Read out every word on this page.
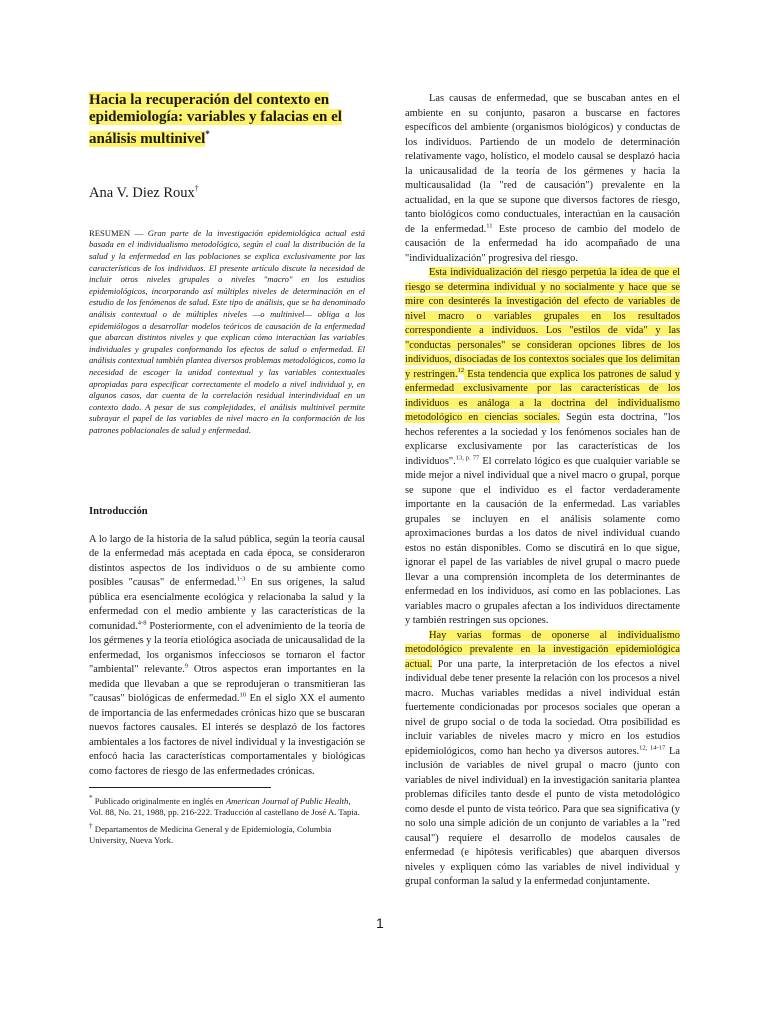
Hacia la recuperación del contexto en epidemiología: variables y falacias en el análisis multinivel*

Ana V. Diez Roux†

RESUMEN — Gran parte de la investigación epidemiológica actual está basada en el individualismo metodológico, según el cual la distribución de la salud y la enfermedad en las poblaciones se explica exclusivamente por las características de los individuos. El presente artículo discute la necesidad de incluir otros niveles grupales o niveles "macro" en los estudios epidemiológicos, incorporando así múltiples niveles de determinación en el estudio de los fenómenos de salud. Este tipo de análisis, que se ha denominado análisis contextual o de múltiples niveles —o multinivel— obliga a los epidemiólogos a desarrollar modelos teóricos de causación de la enfermedad que abarcan distintos niveles y que explican cómo interactúan las variables individuales y grupales conformando los efectos de salud o enfermedad. El análisis contextual también plantea diversos problemas metodológicos, como la necesidad de escoger la unidad contextual y las variables contextuales apropiadas para especificar correctamente el modelo a nivel individual y, en algunos casos, dar cuenta de la correlación residual interindividual en un contexto dado. A pesar de sus complejidades, el análisis multinivel permite subrayar el papel de las variables de nivel macro en la conformación de los patrones poblacionales de salud y enfermedad.

Introducción

A lo largo de la historia de la salud pública, según la teoría causal de la enfermedad más aceptada en cada época, se consideraron distintos aspectos de los individuos o de su ambiente como posibles "causas" de enfermedad.$^{1-3}$ En sus orígenes, la salud pública era esencialmente ecológica y relacionaba la salud y la enfermedad con el medio ambiente y las características de la comunidad.$^{4-8}$ Posteriormente, con el advenimiento de la teoría de los gérmenes y la teoría etiológica asociada de unicausalidad de la enfermedad, los organismos infecciosos se tornaron el factor "ambiental" relevante.$^9$ Otros aspectos eran importantes en la medida que llevaban a que se reprodujeran o transmitieran las "causas" biológicas de enfermedad.$^{10}$ En el siglo XX el aumento de importancia de las enfermedades crónicas hizo que se buscaran nuevos factores causales. El interés se desplazó de los factores ambientales a los factores de nivel individual y la investigación se enfocó hacia las características comportamentales y biológicas como factores de riesgo de las enfermedades crónicas.

* Publicado originalmente en inglés en American Journal of Public Health, Vol. 88, No. 21, 1988, pp. 216-222. Traducción al castellano de José A. Tapia.

† Departamentos de Medicina General y de Epidemiología, Columbia University, Nueva York.

Las causas de enfermedad, que se buscaban antes en el ambiente en su conjunto, pasaron a buscarse en factores específicos del ambiente (organismos biológicos) y conductas de los individuos. Partiendo de un modelo de determinación relativamente vago, holístico, el modelo causal se desplazó hacia la unicausalidad de la teoría de los gérmenes y hacia la multicausalidad (la "red de causación") prevalente en la actualidad, en la que se supone que diversos factores de riesgo, tanto biológicos como conductuales, interactúan en la causación de la enfermedad.$^{11}$ Este proceso de cambio del modelo de causación de la enfermedad ha ido acompañado de una "individualización" progresiva del riesgo.

Esta individualización del riesgo perpetúa la idea de que el riesgo se determina individual y no socialmente y hace que se mire con desinterés la investigación del efecto de variables de nivel macro o variables grupales en los resultados correspondiente a individuos. Los "estilos de vida" y las "conductas personales" se consideran opciones libres de los individuos, disociadas de los contextos sociales que los delimitan y restringen.$^{12}$ Esta tendencia que explica los patrones de salud y enfermedad exclusivamente por las características de los individuos es análoga a la doctrina del individualismo metodológico en ciencias sociales. Según esta doctrina, "los hechos referentes a la sociedad y los fenómenos sociales han de explicarse exclusivamente por las características de los individuos".$^{13, p. 77}$ El correlato lógico es que cualquier variable se mide mejor a nivel individual que a nivel macro o grupal, porque se supone que el individuo es el factor verdaderamente importante en la causación de la enfermedad. Las variables grupales se incluyen en el análisis solamente como aproximaciones burdas a los datos de nivel individual cuando estos no están disponibles. Como se discutirá en lo que sigue, ignorar el papel de las variables de nivel grupal o macro puede llevar a una comprensión incompleta de los determinantes de enfermedad en los individuos, así como en las poblaciones. Las variables macro o grupales afectan a los individuos directamente y también restringen sus opciones.

Hay varias formas de oponerse al individualismo metodológico prevalente en la investigación epidemiológica actual. Por una parte, la interpretación de los efectos a nivel individual debe tener presente la relación con los procesos a nivel macro. Muchas variables medidas a nivel individual están fuertemente condicionadas por procesos sociales que operan a nivel de grupo social o de toda la sociedad. Otra posibilidad es incluir variables de niveles macro y micro en los estudios epidemiológicos, como han hecho ya diversos autores.$^{12, 14-17}$ La inclusión de variables de nivel grupal o macro (junto con variables de nivel individual) en la investigación sanitaria plantea problemas difíciles tanto desde el punto de vista metodológico como desde el punto de vista teórico. Para que sea significativa (y no solo una simple adición de un conjunto de variables a la "red causal") requiere el desarrollo de modelos causales de enfermedad (e hipótesis verificables) que abarquen diversos niveles y expliquen cómo las variables de nivel individual y grupal conforman la salud y la enfermedad conjuntamente.

1
